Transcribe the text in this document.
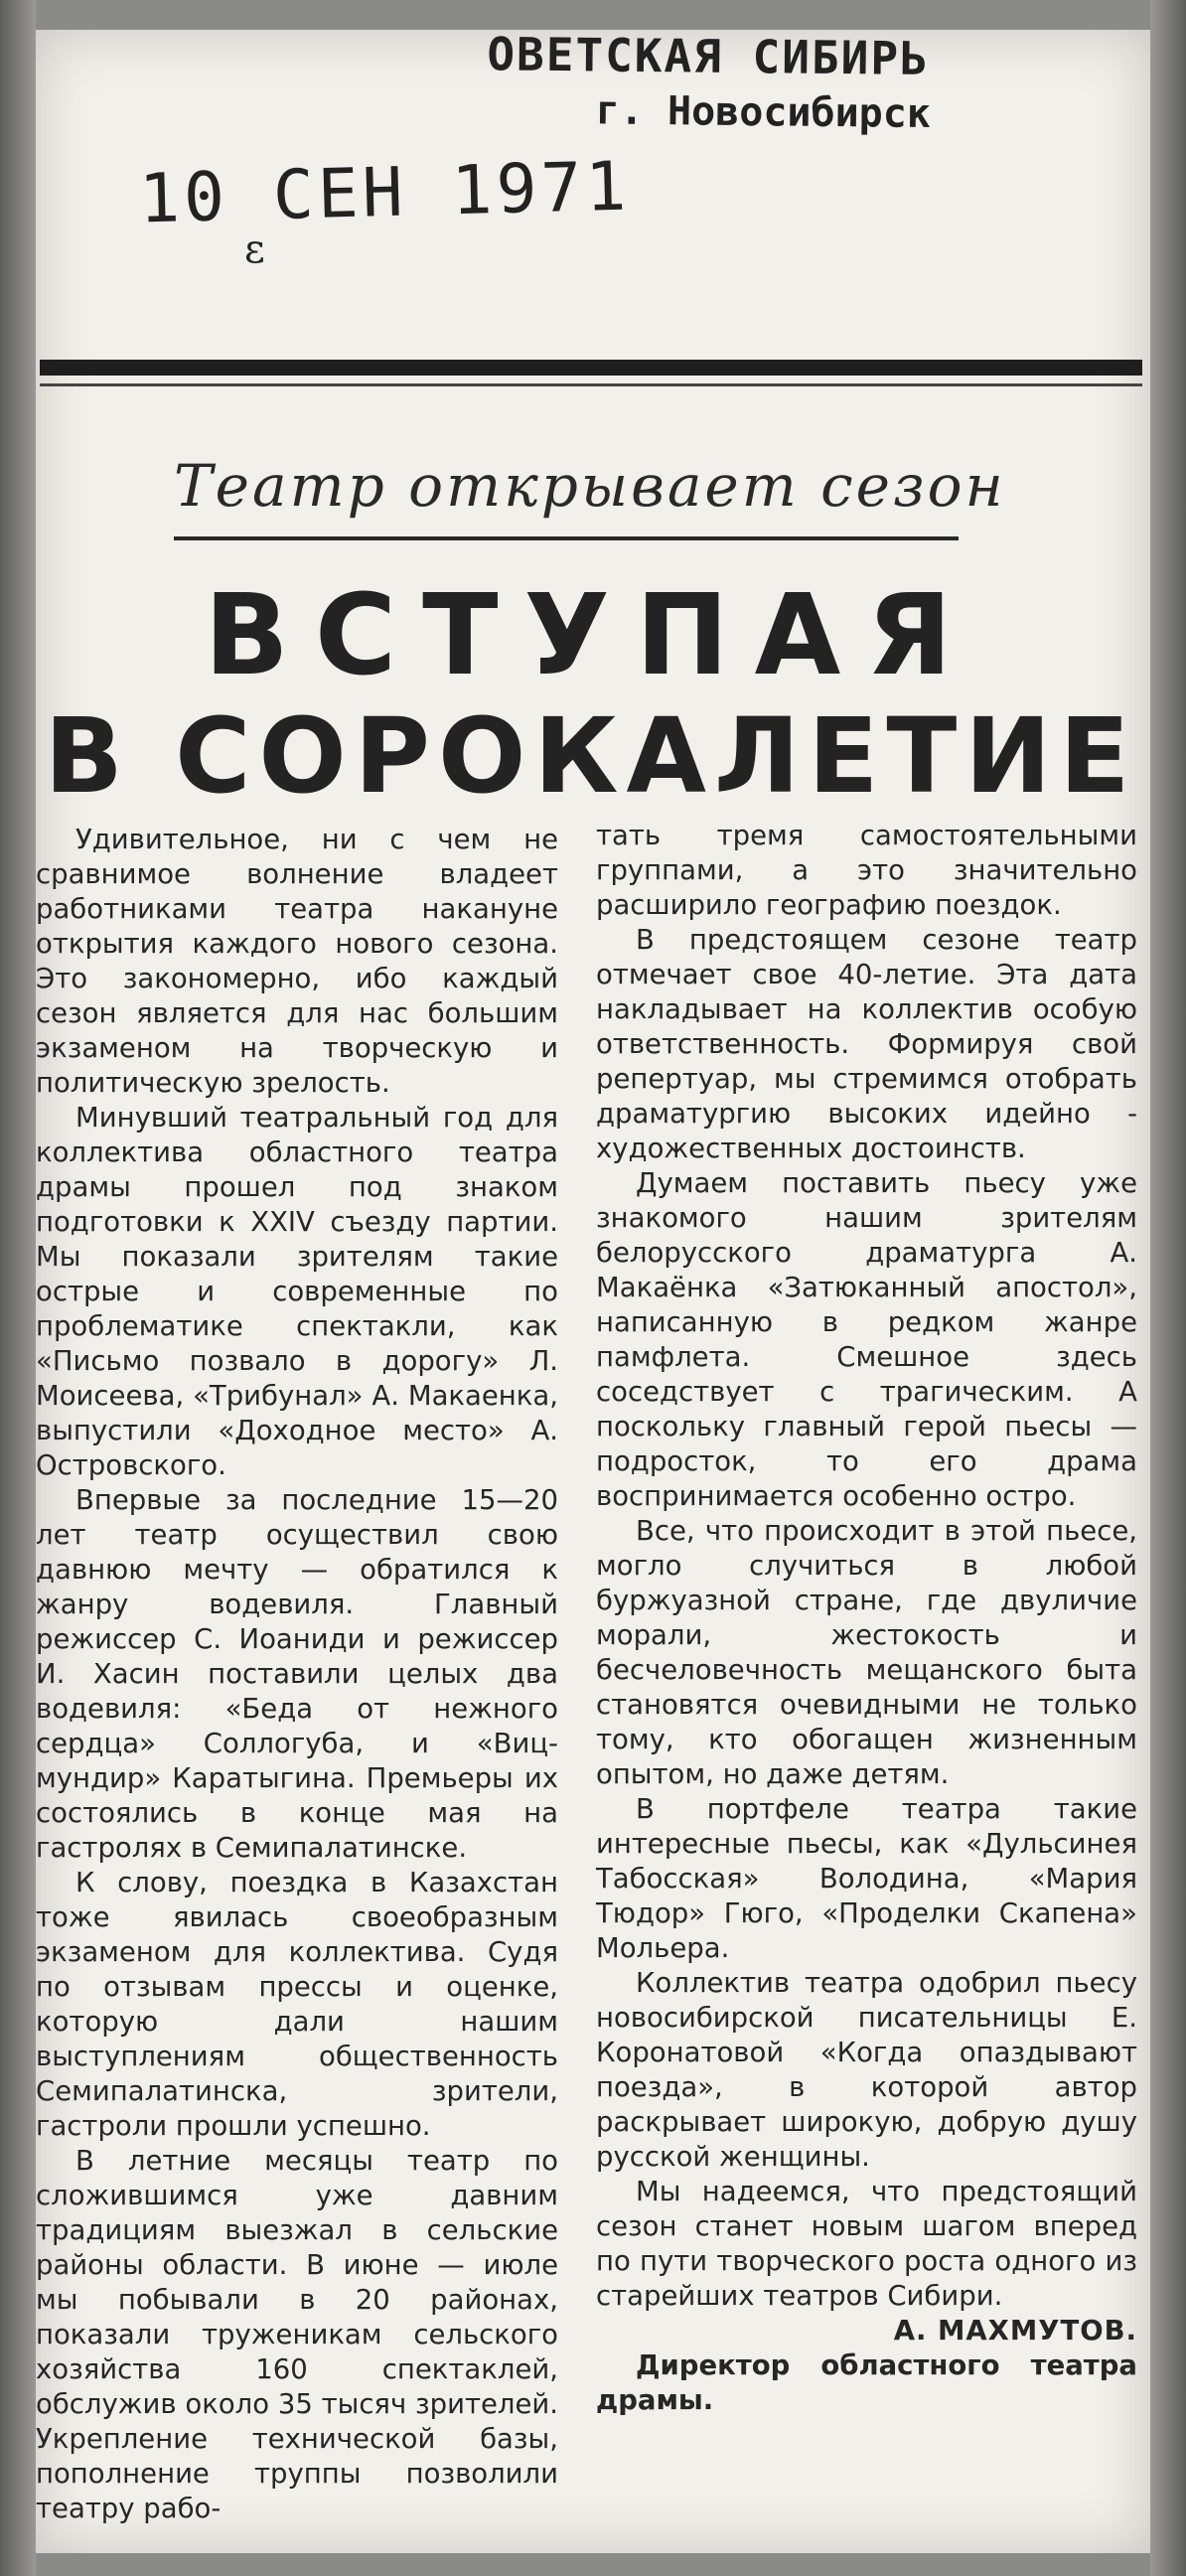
ОВЕТСКАЯ СИБИРЬ
г. Новосибирск
10 СЕН 1971
ɛ
Театр открывает сезон
ВСТУПАЯ
В СОРОКАЛЕТИЕ

Удивительное, ни с чем не сравнимое волнение владеет работниками театра накануне открытия каждого нового сезона. Это закономерно, ибо каждый сезон является для нас большим экзаменом на творческую и политическую зрелость.

Минувший театральный год для коллектива областного театра драмы прошел под знаком подготовки к XXIV съезду партии. Мы показали зрителям такие острые и современные по проблематике спектакли, как «Письмо позвало в дорогу» Л. Моисеева, «Трибунал» А. Макаенка, выпустили «Доходное место» А. Островского.

Впервые за последние 15—20 лет театр осуществил свою давнюю мечту — обратился к жанру водевиля. Главный режиссер С. Иоаниди и режиссер И. Хасин поставили целых два водевиля: «Беда от нежного сердца» Соллогуба, и «Виц-мундир» Каратыгина. Премьеры их состоялись в конце мая на гастролях в Семипалатинске.

К слову, поездка в Казахстан тоже явилась своеобразным экзаменом для коллектива. Судя по отзывам прессы и оценке, которую дали нашим выступлениям общественность Семипалатинска, зрители, гастроли прошли успешно.

В летние месяцы театр по сложившимся уже давним традициям выезжал в сельские районы области. В июне — июле мы побывали в 20 районах, показали труженикам сельского хозяйства 160 спектаклей, обслужив около 35 тысяч зрителей. Укрепление технической базы, пополнение труппы позволили театру рабо-

тать тремя самостоятельными группами, а это значительно расширило географию поездок.

В предстоящем сезоне театр отмечает свое 40-летие. Эта дата накладывает на коллектив особую ответственность. Формируя свой репертуар, мы стремимся отобрать драматургию высоких идейно - художественных достоинств.

Думаем поставить пьесу уже знакомого нашим зрителям белорусского драматурга А. Макаёнка «Затюканный апостол», написанную в редком жанре памфлета. Смешное здесь соседствует с трагическим. А поскольку главный герой пьесы — подросток, то его драма воспринимается особенно остро.

Все, что происходит в этой пьесе, могло случиться в любой буржуазной стране, где двуличие морали, жестокость и бесчеловечность мещанского быта становятся очевидными не только тому, кто обогащен жизненным опытом, но даже детям.

В портфеле театра такие интересные пьесы, как «Дульсинея Табосская» Володина, «Мария Тюдор» Гюго, «Проделки Скапена» Мольера.

Коллектив театра одобрил пьесу новосибирской писательницы Е. Коронатовой «Когда опаздывают поезда», в которой автор раскрывает широкую, добрую душу русской женщины.

Мы надеемся, что предстоящий сезон станет новым шагом вперед по пути творческого роста одного из старейших театров Сибири.

А. МАХМУТОВ.

Директор областного театра драмы.
